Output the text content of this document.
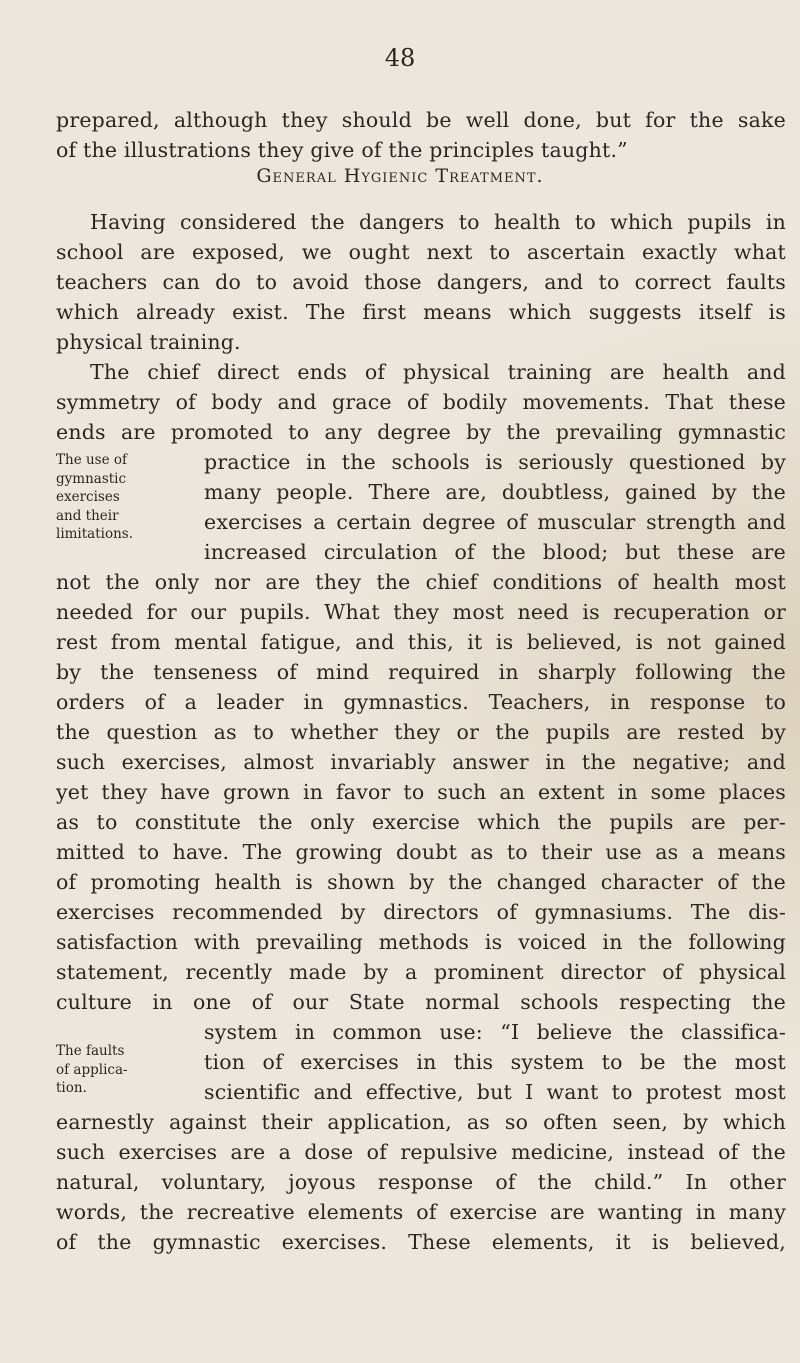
48
prepared, although they should be well done, but for the sake
of the illustrations they give of the principles taught.”
General Hygienic Treatment.
Having considered the dangers to health to which pupils in
school are exposed, we ought next to ascertain exactly what
teachers can do to avoid those dangers, and to correct faults
which already exist. The first means which suggests itself is
physical training.
The chief direct ends of physical training are health and
symmetry of body and grace of bodily movements. That these
ends are promoted to any degree by the prevailing gymnastic
The use of
gymnastic
exercises
and their
limitations.
practice in the schools is seriously questioned by
many people. There are, doubtless, gained by the
exercises a certain degree of muscular strength and
increased circulation of the blood; but these are
not the only nor are they the chief conditions of health most
needed for our pupils. What they most need is recuperation or
rest from mental fatigue, and this, it is believed, is not gained
by the tenseness of mind required in sharply following the
orders of a leader in gymnastics. Teachers, in response to
the question as to whether they or the pupils are rested by
such exercises, almost invariably answer in the negative; and
yet they have grown in favor to such an extent in some places
as to constitute the only exercise which the pupils are per-
mitted to have. The growing doubt as to their use as a means
of promoting health is shown by the changed character of the
exercises recommended by directors of gymnasiums. The dis-
satisfaction with prevailing methods is voiced in the following
statement, recently made by a prominent director of physical
culture in one of our State normal schools respecting the
The faults
of applica-
tion.
system in common use: “I believe the classifica-
tion of exercises in this system to be the most
scientific and effective, but I want to protest most
earnestly against their application, as so often seen, by which
such exercises are a dose of repulsive medicine, instead of the
natural, voluntary, joyous response of the child.” In other
words, the recreative elements of exercise are wanting in many
of the gymnastic exercises. These elements, it is believed,
